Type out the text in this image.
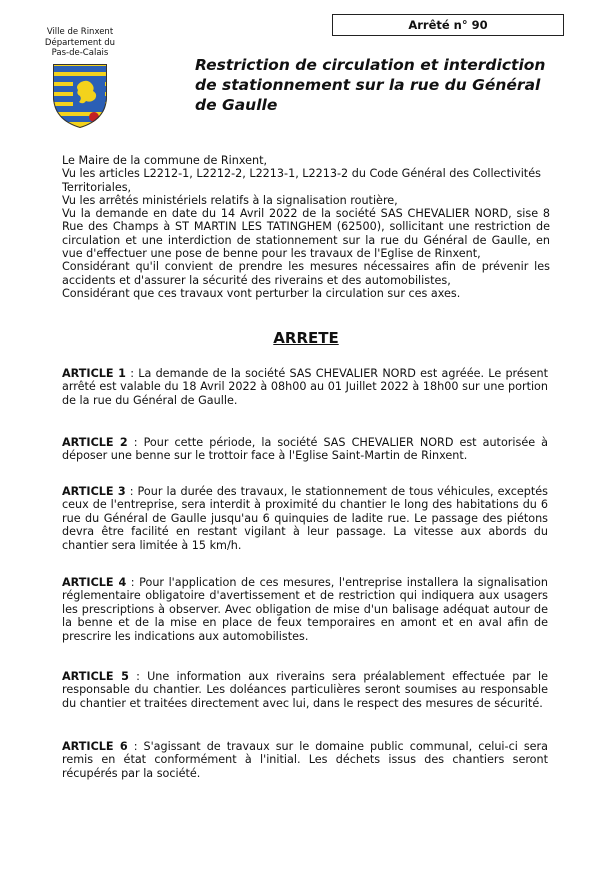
Arrêté n° 90
Ville de Rinxent
Département du
Pas-de-Calais
Restriction de circulation et interdiction de stationnement sur la rue du Général de Gaulle

Le Maire de la commune de Rinxent,

Vu les articles L2212-1, L2212-2, L2213-1, L2213-2 du Code Général des Collectivités Territoriales,

Vu les arrêtés ministériels relatifs à la signalisation routière,

Vu la demande en date du 14 Avril 2022 de la société SAS CHEVALIER NORD, sise 8 Rue des Champs à ST MARTIN LES TATINGHEM (62500), sollicitant une restriction de circulation et une interdiction de stationnement sur la rue du Général de Gaulle, en vue d'effectuer une pose de benne pour les travaux de l'Eglise de Rinxent,

Considérant qu'il convient de prendre les mesures nécessaires afin de prévenir les accidents et d'assurer la sécurité des riverains et des automobilistes,

Considérant que ces travaux vont perturber la circulation sur ces axes.

ARRETE

ARTICLE 1 : La demande de la société SAS CHEVALIER NORD est agréée. Le présent arrêté est valable du 18 Avril 2022 à 08h00 au 01 Juillet 2022 à 18h00 sur une portion de la rue du Général de Gaulle.

ARTICLE 2 : Pour cette période, la société SAS CHEVALIER NORD est autorisée à déposer une benne sur le trottoir face à l'Eglise Saint-Martin de Rinxent.

ARTICLE 3 : Pour la durée des travaux, le stationnement de tous véhicules, exceptés ceux de l'entreprise, sera interdit à proximité du chantier le long des habitations du 6 rue du Général de Gaulle jusqu'au 6 quinquies de ladite rue. Le passage des piétons devra être facilité en restant vigilant à leur passage. La vitesse aux abords du chantier sera limitée à 15 km/h.

ARTICLE 4 : Pour l'application de ces mesures, l'entreprise installera la signalisation réglementaire obligatoire d'avertissement et de restriction qui indiquera aux usagers les prescriptions à observer. Avec obligation de mise d'un balisage adéquat autour de la benne et de la mise en place de feux temporaires en amont et en aval afin de prescrire les indications aux automobilistes.

ARTICLE 5 : Une information aux riverains sera préalablement effectuée par le responsable du chantier. Les doléances particulières seront soumises au responsable du chantier et traitées directement avec lui, dans le respect des mesures de sécurité.

ARTICLE 6 : S'agissant de travaux sur le domaine public communal, celui-ci sera remis en état conformément à l'initial. Les déchets issus des chantiers seront récupérés par la société.
